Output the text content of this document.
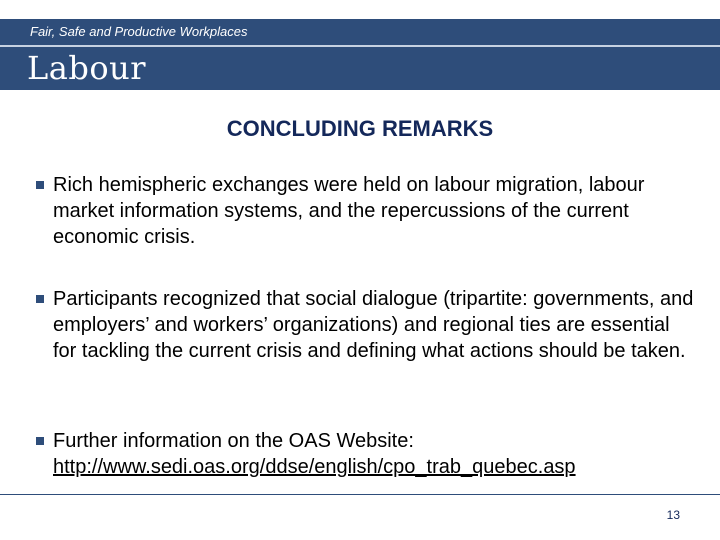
Fair, Safe and Productive Workplaces
Labour
CONCLUDING REMARKS
Rich hemispheric exchanges were held on labour migration, labour market information systems, and the repercussions of the current economic crisis.
Participants recognized that social dialogue (tripartite: governments, and employers’ and workers’ organizations) and regional ties are essential for tackling the current crisis and defining what actions should be taken.
Further information on the OAS Website:
http://www.sedi.oas.org/ddse/english/cpo_trab_quebec.asp
13
